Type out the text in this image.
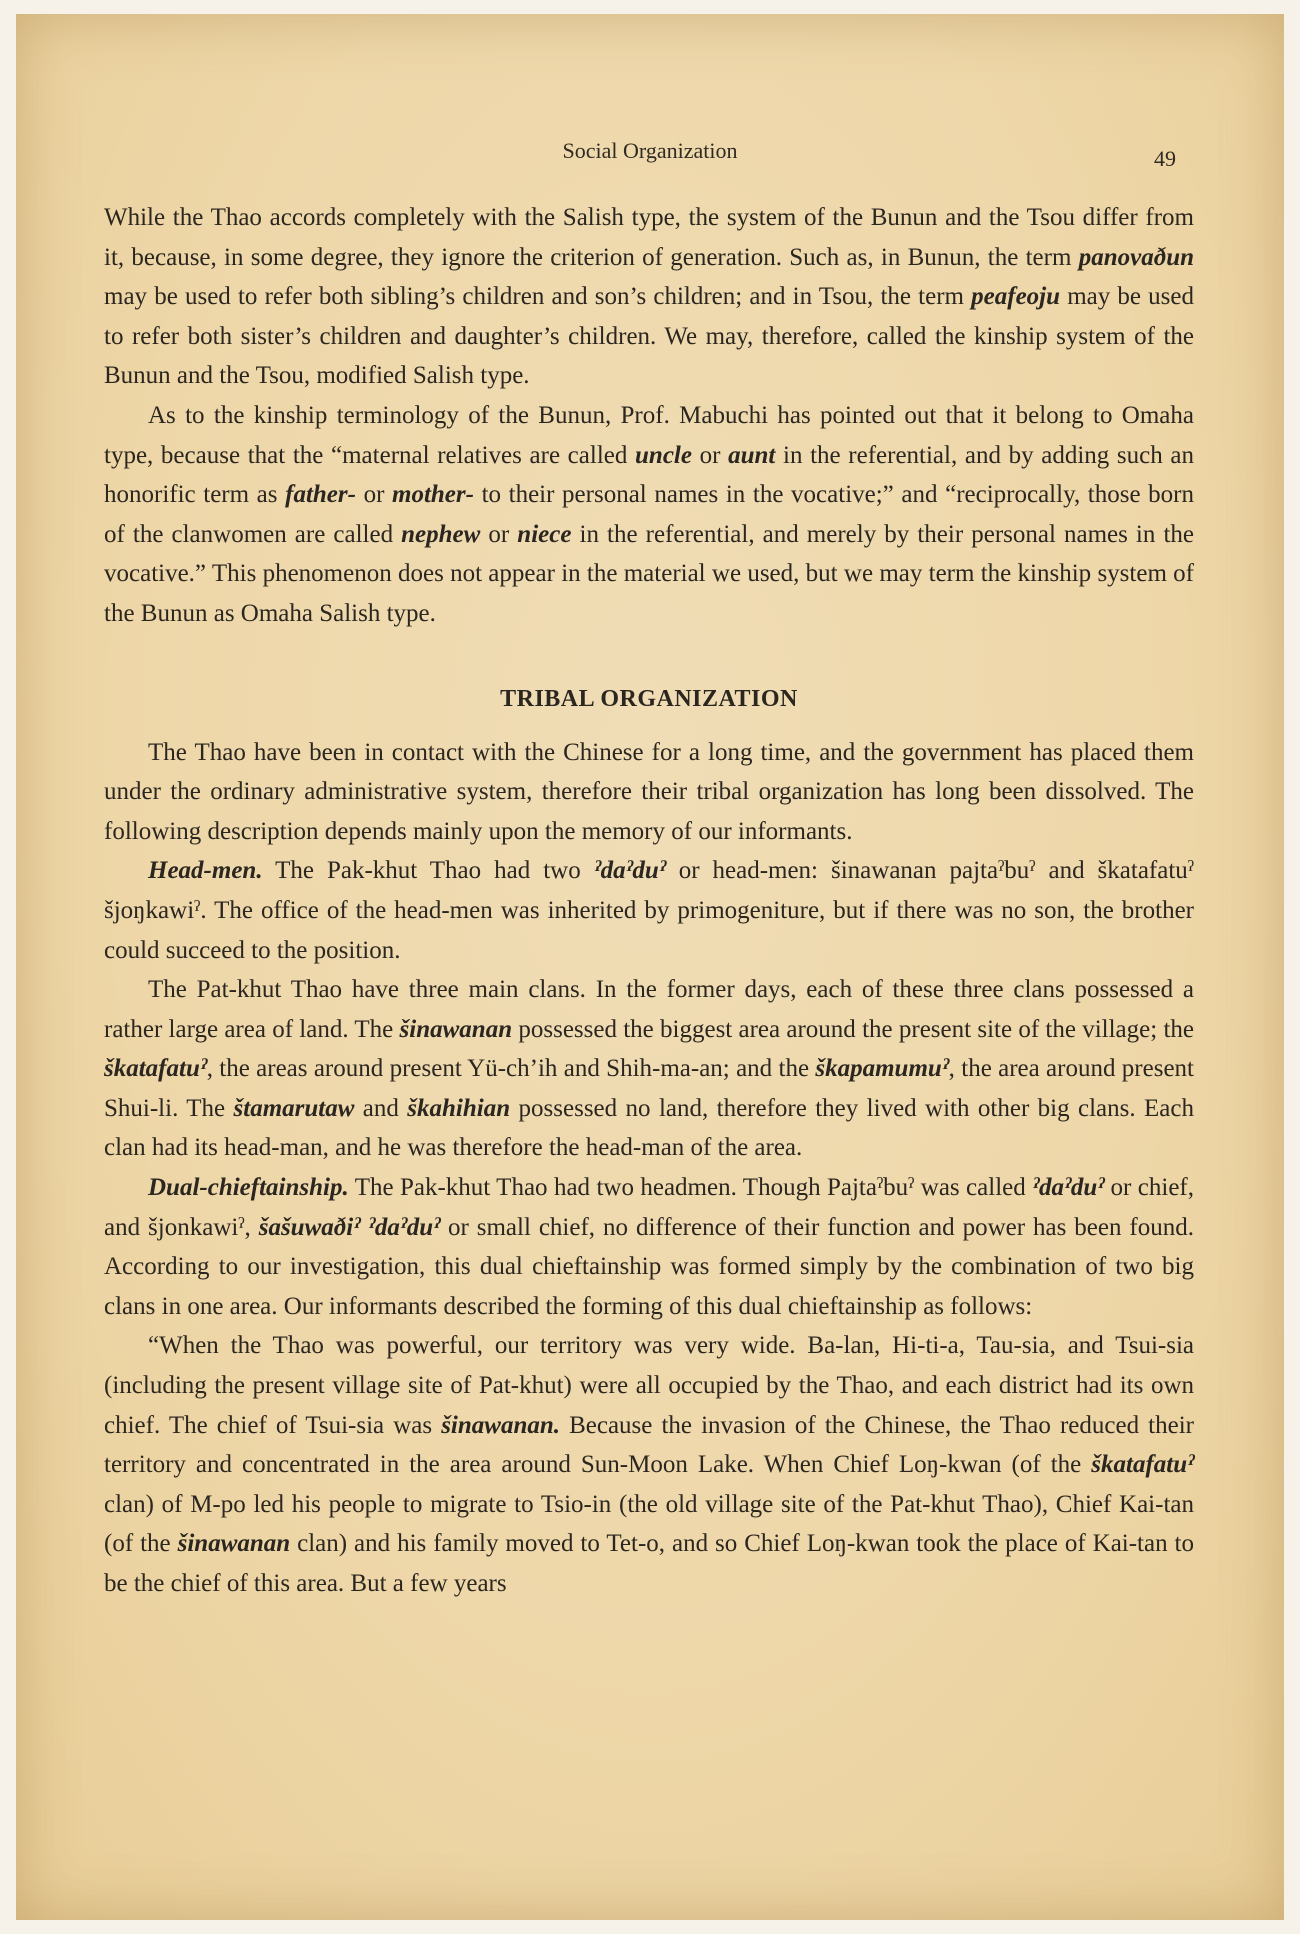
Social Organization	49

While the Thao accords completely with the Salish type, the system of the Bunun and the Tsou differ from it, because, in some degree, they ignore the criterion of generation. Such as, in Bunun, the term panovaðun may be used to refer both sibling’s children and son’s children; and in Tsou, the term peafeoju may be used to refer both sister’s children and daughter’s children. We may, therefore, called the kinship system of the Bunun and the Tsou, modified Salish type.

As to the kinship terminology of the Bunun, Prof. Mabuchi has pointed out that it belong to Omaha type, because that the “maternal relatives are called uncle or aunt in the referential, and by adding such an honorific term as father- or mother- to their personal names in the vocative;” and “reciprocally, those born of the clanwomen are called nephew or niece in the referential, and merely by their personal names in the vocative.” This phenomenon does not appear in the material we used, but we may term the kinship system of the Bunun as Omaha Salish type.

TRIBAL ORGANIZATION

The Thao have been in contact with the Chinese for a long time, and the government has placed them under the ordinary administrative system, therefore their tribal organization has long been dissolved. The following description depends mainly upon the memory of our informants.

Head-men. The Pak-khut Thao had two ˀdaˀduˀ or head-men: šinawanan pajtaˀbuˀ and škatafatuˀ šjoŋkawiˀ. The office of the head-men was inherited by primogeniture, but if there was no son, the brother could succeed to the position.

The Pat-khut Thao have three main clans. In the former days, each of these three clans possessed a rather large area of land. The šinawanan possessed the biggest area around the present site of the village; the škatafatuˀ, the areas around present Yü-ch’ih and Shih-ma-an; and the škapamumuˀ, the area around present Shui-li. The štamarutaw and škahihian possessed no land, therefore they lived with other big clans. Each clan had its head-man, and he was therefore the head-man of the area.

Dual-chieftainship. The Pak-khut Thao had two headmen. Though Pajtaˀbuˀ was called ˀdaˀduˀ or chief, and šjonkawiˀ, šašuwaðiˀ ˀdaˀduˀ or small chief, no difference of their function and power has been found. According to our investigation, this dual chieftainship was formed simply by the combination of two big clans in one area. Our informants described the forming of this dual chieftainship as follows:

“When the Thao was powerful, our territory was very wide. Ba-lan, Hi-ti-a, Tau-sia, and Tsui-sia (including the present village site of Pat-khut) were all occupied by the Thao, and each district had its own chief. The chief of Tsui-sia was šinawanan. Because the invasion of the Chinese, the Thao reduced their territory and concentrated in the area around Sun-Moon Lake. When Chief Loŋ-kwan (of the škatafatuˀ clan) of M-po led his people to migrate to Tsio-in (the old village site of the Pat-khut Thao), Chief Kai-tan (of the šinawanan clan) and his family moved to Tet-o, and so Chief Loŋ-kwan took the place of Kai-tan to be the chief of this area. But a few years
